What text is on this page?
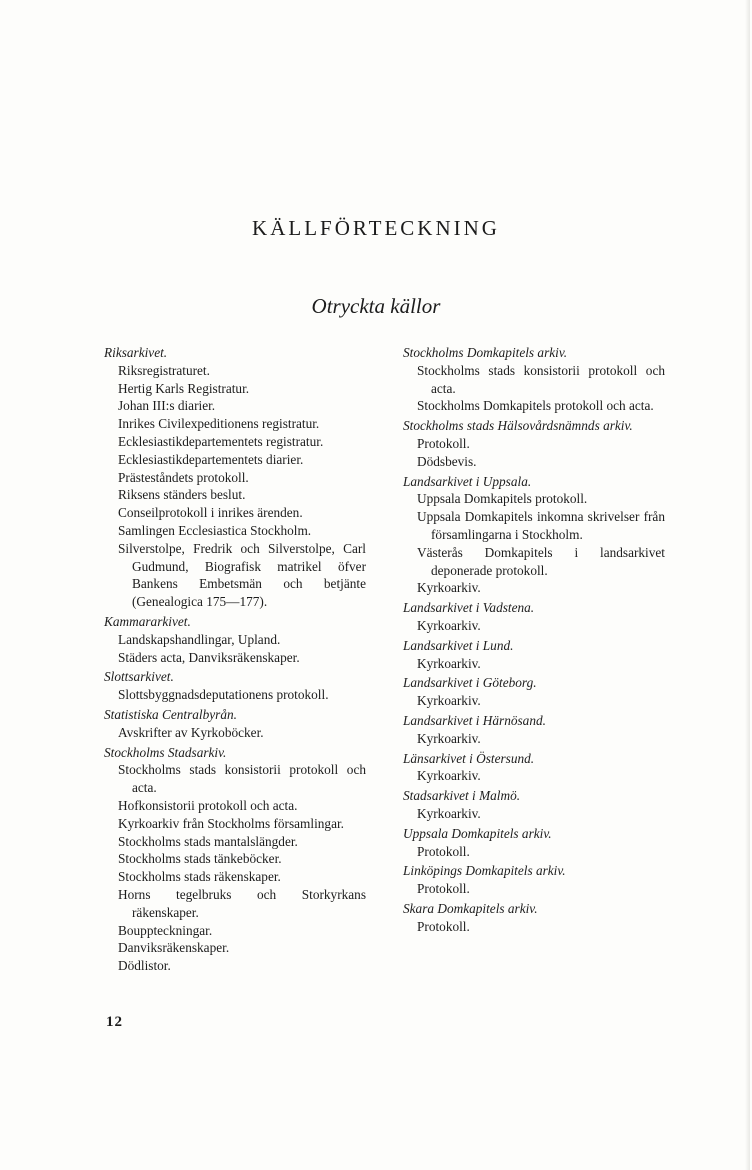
KÄLLFÖRTECKNING
Otryckta källor
Riksarkivet.
Riksregistraturet.
Hertig Karls Registratur.
Johan III:s diarier.
Inrikes Civilexpeditionens registratur.
Ecklesiastikdepartementets registratur.
Ecklesiastikdepartementets diarier.
Prästeståndets protokoll.
Riksens ständers beslut.
Conseilprotokoll i inrikes ärenden.
Samlingen Ecclesiastica Stockholm.
Silverstolpe, Fredrik och Silverstolpe, Carl Gudmund, Biografisk matrikel öfver Bankens Embetsmän och betjänte (Genealogica 175—177).
Kammararkivet.
Landskapshandlingar, Upland.
Städers acta, Danviksräkenskaper.
Slottsarkivet.
Slottsbyggnadsdeputationens protokoll.
Statistiska Centralbyrån.
Avskrifter av Kyrkoböcker.
Stockholms Stadsarkiv.
Stockholms stads konsistorii protokoll och acta.
Hofkonsistorii protokoll och acta.
Kyrkoarkiv från Stockholms församlingar.
Stockholms stads mantalslängder.
Stockholms stads tänkeböcker.
Stockholms stads räkenskaper.
Horns tegelbruks och Storkyrkans räkenskaper.
Bouppteckningar.
Danviksräkenskaper.
Dödlistor.
Stockholms Domkapitels arkiv.
Stockholms stads konsistorii protokoll och acta.
Stockholms Domkapitels protokoll och acta.
Stockholms stads Hälsovårdsnämnds arkiv.
Protokoll.
Dödsbevis.
Landsarkivet i Uppsala.
Uppsala Domkapitels protokoll.
Uppsala Domkapitels inkomna skrivelser från församlingarna i Stockholm.
Västerås Domkapitels i landsarkivet deponerade protokoll.
Kyrkoarkiv.
Landsarkivet i Vadstena.
Kyrkoarkiv.
Landsarkivet i Lund.
Kyrkoarkiv.
Landsarkivet i Göteborg.
Kyrkoarkiv.
Landsarkivet i Härnösand.
Kyrkoarkiv.
Länsarkivet i Östersund.
Kyrkoarkiv.
Stadsarkivet i Malmö.
Kyrkoarkiv.
Uppsala Domkapitels arkiv.
Protokoll.
Linköpings Domkapitels arkiv.
Protokoll.
Skara Domkapitels arkiv.
Protokoll.
12
